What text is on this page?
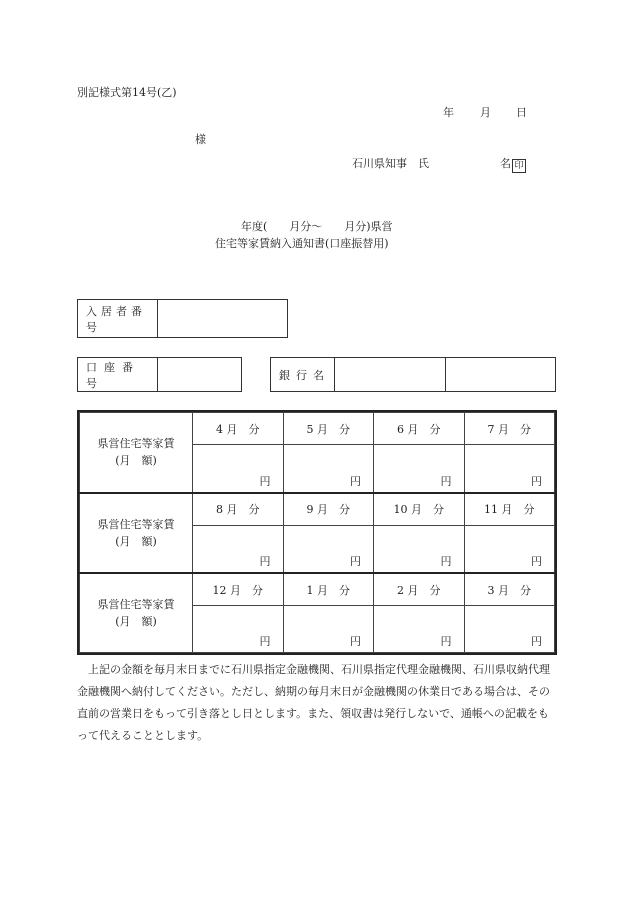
別記様式第14号(乙)
年 月 日
様
石川県知事　氏	名 印
年度( 月分〜 月分)県営
住宅等家賃納入通知書(口座振替用)
入居者番号
口座番号
銀行名
県営住宅等家賃
(月　額)	4 月　分	5 月　分	6 月　分	7 月　分
	円	円	円	円
県営住宅等家賃
(月　額)	8 月　分	9 月　分	10 月　分	11 月　分
	円	円	円	円
県営住宅等家賃
(月　額)	12 月　分	1 月　分	2 月　分	3 月　分
	円	円	円	円
上記の金額を毎月末日までに石川県指定金融機関、石川県指定代理金融機関、石川県収納代理金融機関へ納付してください。ただし、納期の毎月末日が金融機関の休業日である場合は、その直前の営業日をもって引き落とし日とします。また、領収書は発行しないで、通帳への記載をもって代えることとします。
